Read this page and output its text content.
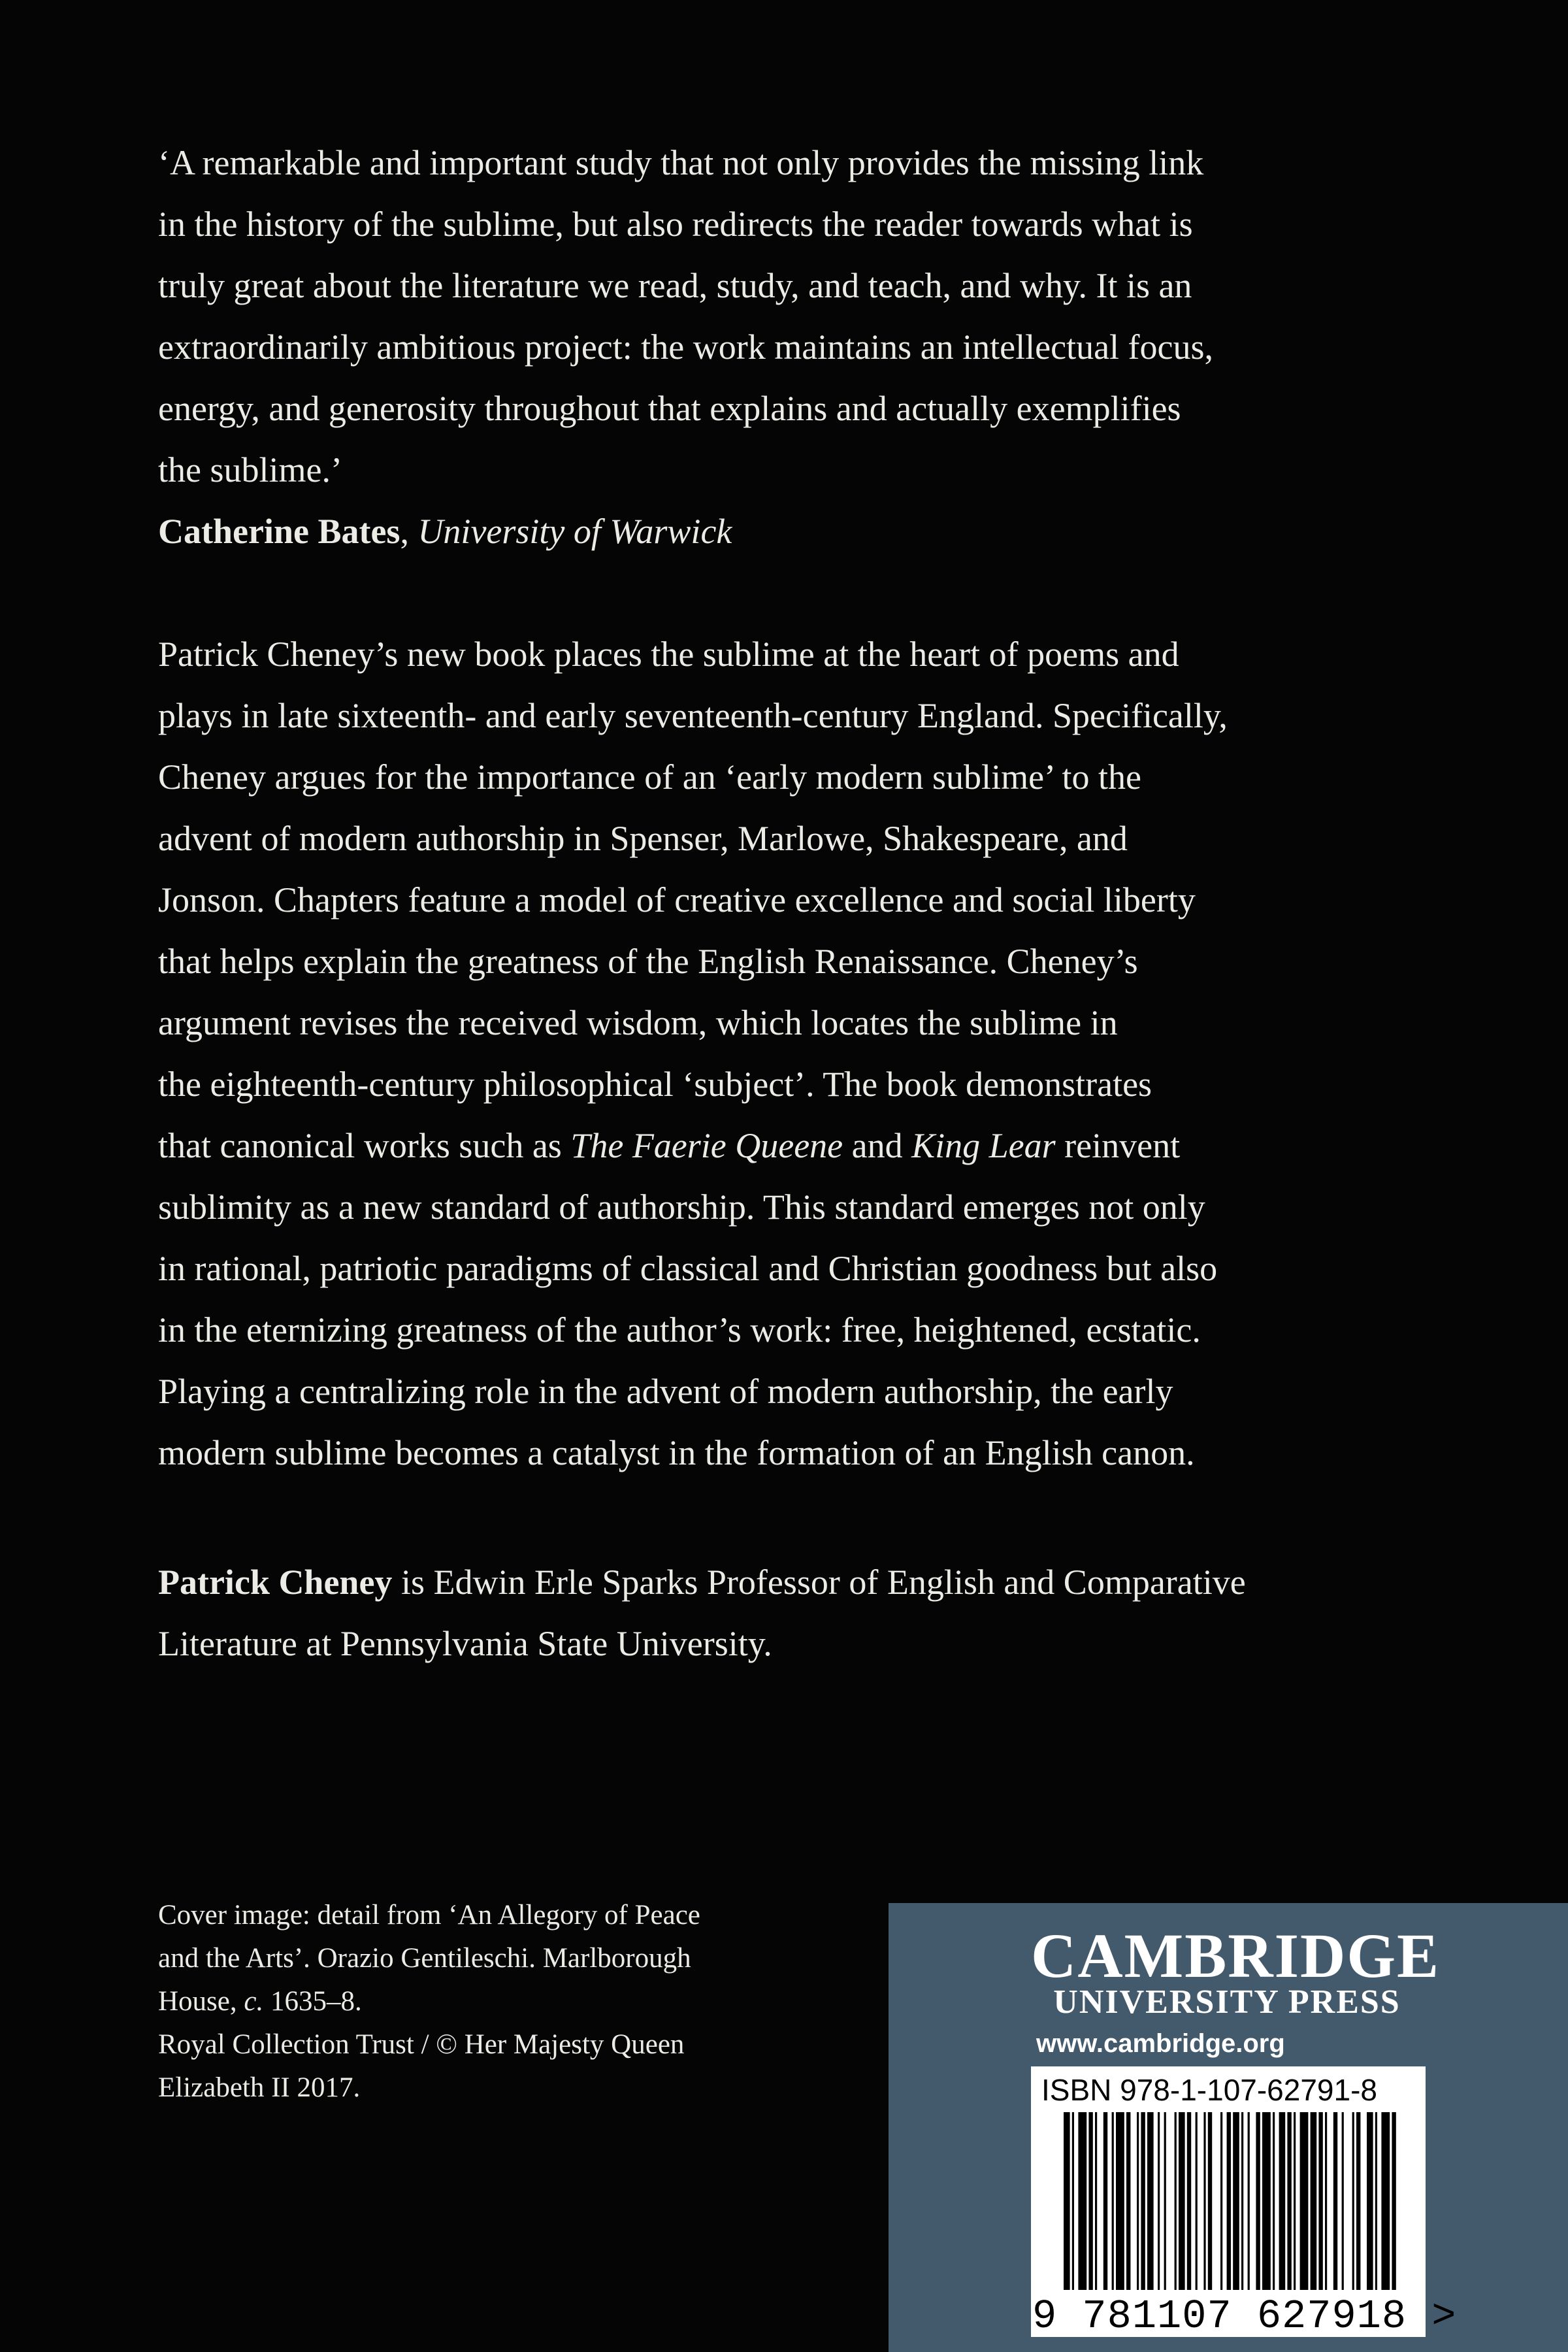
‘A remarkable and important study that not only provides the missing link
in the history of the sublime, but also redirects the reader towards what is
truly great about the literature we read, study, and teach, and why. It is an
extraordinarily ambitious project: the work maintains an intellectual focus,
energy, and generosity throughout that explains and actually exemplifies
the sublime.’
Catherine Bates, University of Warwick
Patrick Cheney’s new book places the sublime at the heart of poems and
plays in late sixteenth- and early seventeenth-century England. Specifically,
Cheney argues for the importance of an ‘early modern sublime’ to the
advent of modern authorship in Spenser, Marlowe, Shakespeare, and
Jonson. Chapters feature a model of creative excellence and social liberty
that helps explain the greatness of the English Renaissance. Cheney’s
argument revises the received wisdom, which locates the sublime in
the eighteenth-century philosophical ‘subject’. The book demonstrates
that canonical works such as The Faerie Queene and King Lear reinvent
sublimity as a new standard of authorship. This standard emerges not only
in rational, patriotic paradigms of classical and Christian goodness but also
in the eternizing greatness of the author’s work: free, heightened, ecstatic.
Playing a centralizing role in the advent of modern authorship, the early
modern sublime becomes a catalyst in the formation of an English canon.
Patrick Cheney is Edwin Erle Sparks Professor of English and Comparative
Literature at Pennsylvania State University.
Cover image: detail from ‘An Allegory of Peace
and the Arts’. Orazio Gentileschi. Marlborough
House, c. 1635–8.
Royal Collection Trust / © Her Majesty Queen
Elizabeth II 2017.
CAMBRIDGE
UNIVERSITY PRESS
www.cambridge.org
ISBN 978-1-107-62791-8
9 781107 627918 >
